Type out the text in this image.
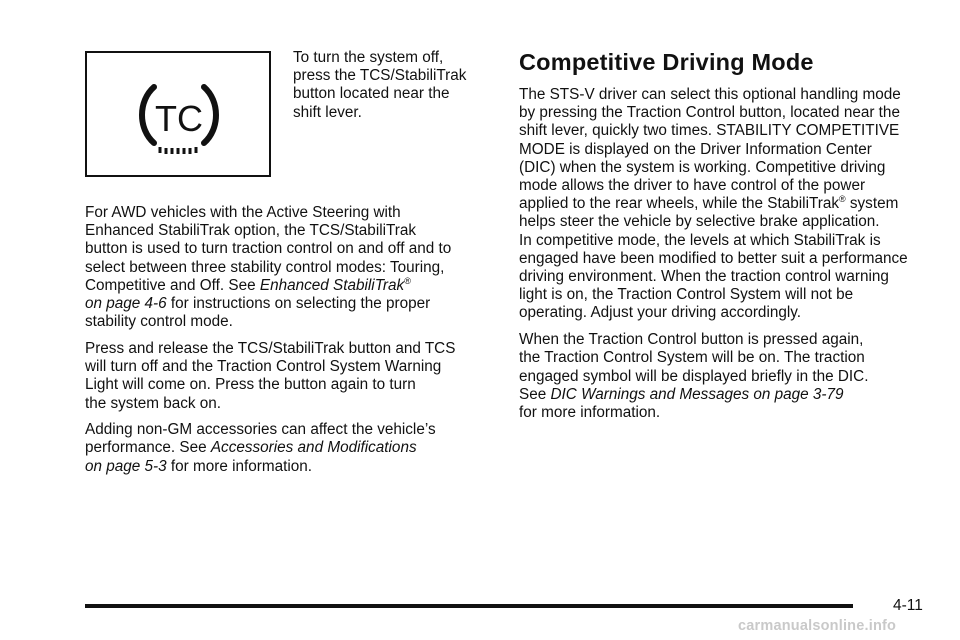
TC

To turn the system off,
press the TCS/StabiliTrak
button located near the
shift lever.

For AWD vehicles with the Active Steering with
Enhanced StabiliTrak option, the TCS/StabiliTrak
button is used to turn traction control on and off and to
select between three stability control modes: Touring,
Competitive and Off. See Enhanced StabiliTrak®
on page 4-6 for instructions on selecting the proper
stability control mode.

Press and release the TCS/StabiliTrak button and TCS
will turn off and the Traction Control System Warning
Light will come on. Press the button again to turn
the system back on.

Adding non-GM accessories can affect the vehicle’s
performance. See Accessories and Modifications
on page 5-3 for more information.

Competitive Driving Mode

The STS-V driver can select this optional handling mode
by pressing the Traction Control button, located near the
shift lever, quickly two times. STABILITY COMPETITIVE
MODE is displayed on the Driver Information Center
(DIC) when the system is working. Competitive driving
mode allows the driver to have control of the power
applied to the rear wheels, while the StabiliTrak® system
helps steer the vehicle by selective brake application.
In competitive mode, the levels at which StabiliTrak is
engaged have been modified to better suit a performance
driving environment. When the traction control warning
light is on, the Traction Control System will not be
operating. Adjust your driving accordingly.

When the Traction Control button is pressed again,
the Traction Control System will be on. The traction
engaged symbol will be displayed briefly in the DIC.
See DIC Warnings and Messages on page 3-79
for more information.

4-11
carmanualsonline.info
